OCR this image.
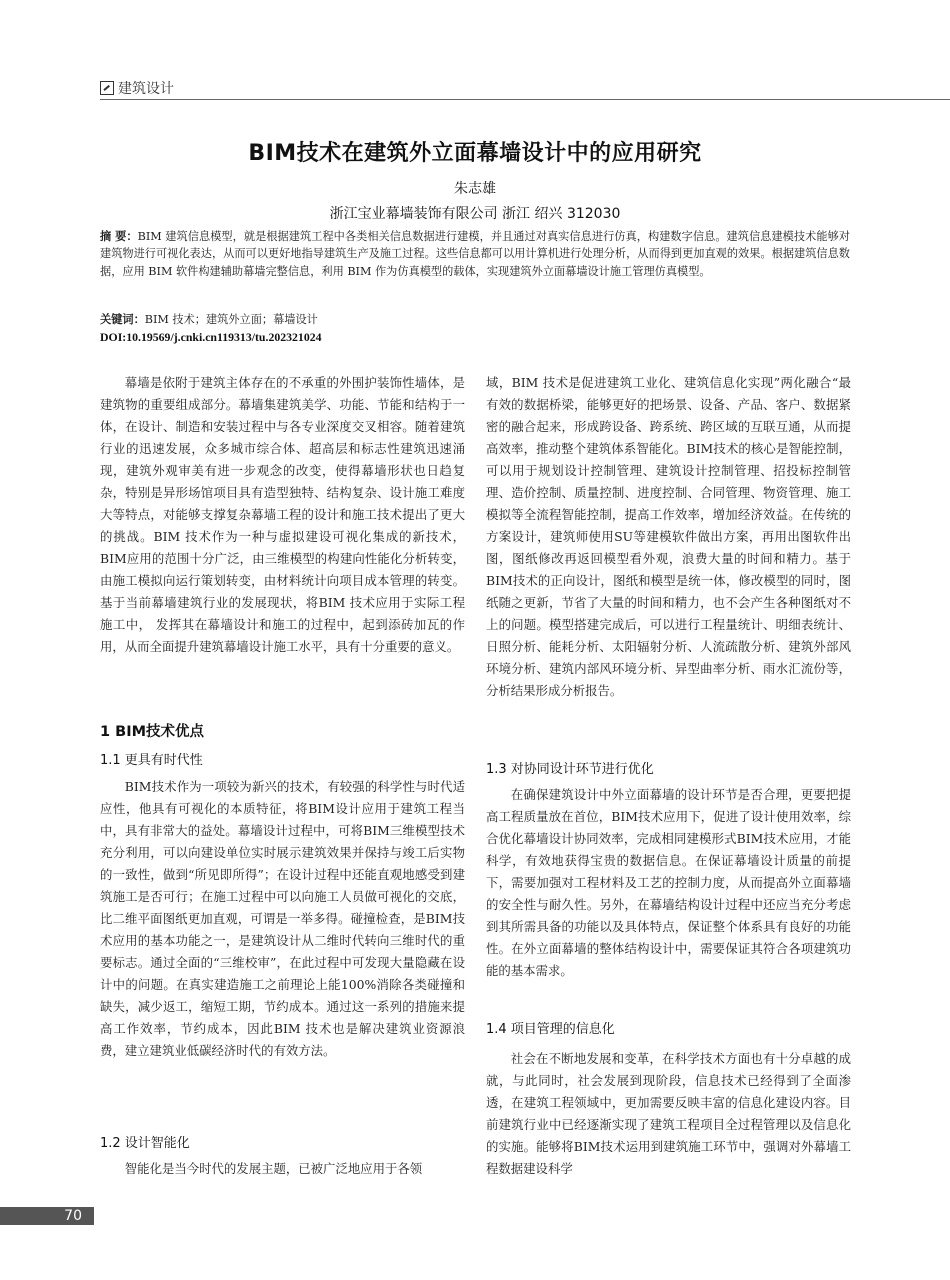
建筑设计
BIM技术在建筑外立面幕墙设计中的应用研究
朱志雄
浙江宝业幕墙装饰有限公司 浙江 绍兴 312030
摘 要：BIM 建筑信息模型，就是根据建筑工程中各类相关信息数据进行建模，并且通过对真实信息进行仿真，构建数字信息。建筑信息建模技术能够对建筑物进行可视化表达，从而可以更好地指导建筑生产及施工过程。这些信息都可以用计算机进行处理分析，从而得到更加直观的效果。根据建筑信息数据，应用 BIM 软件构建辅助幕墙完整信息，利用 BIM 作为仿真模型的载体，实现建筑外立面幕墙设计施工管理仿真模型。
关键词：BIM 技术；建筑外立面；幕墙设计
DOI:10.19569/j.cnki.cn119313/tu.202321024

幕墙是依附于建筑主体存在的不承重的外围护装饰性墙体，是建筑物的重要组成部分。幕墙集建筑美学、功能、节能和结构于一体，在设计、制造和安装过程中与各专业深度交叉相容。随着建筑行业的迅速发展，众多城市综合体、超高层和标志性建筑迅速涌现，建筑外观审美有进一步观念的改变，使得幕墙形状也日趋复杂，特别是异形场馆项目具有造型独特、结构复杂、设计施工难度大等特点，对能够支撑复杂幕墙工程的设计和施工技术提出了更大的挑战。BIM 技术作为一种与虚拟建设可视化集成的新技术，BIM应用的范围十分广泛，由三维模型的构建向性能化分析转变，由施工模拟向运行策划转变，由材料统计向项目成本管理的转变。基于当前幕墙建筑行业的发展现状，将BIM 技术应用于实际工程施工中， 发挥其在幕墙设计和施工的过程中，起到添砖加瓦的作用，从而全面提升建筑幕墙设计施工水平，具有十分重要的意义。

1 BIM技术优点
1.1 更具有时代性

BIM技术作为一项较为新兴的技术，有较强的科学性与时代适应性，他具有可视化的本质特征，将BIM设计应用于建筑工程当中，具有非常大的益处。幕墙设计过程中，可将BIM三维模型技术充分利用，可以向建设单位实时展示建筑效果并保持与竣工后实物的一致性，做到“所见即所得”；在设计过程中还能直观地感受到建筑施工是否可行；在施工过程中可以向施工人员做可视化的交底，比二维平面图纸更加直观，可谓是一举多得。碰撞检查，是BIM技术应用的基本功能之一，是建筑设计从二维时代转向三维时代的重要标志。通过全面的“三维校审”，在此过程中可发现大量隐藏在设计中的问题。在真实建造施工之前理论上能100%消除各类碰撞和缺失，减少返工，缩短工期，节约成本。通过这一系列的措施来提高工作效率，节约成本，因此BIM 技术也是解决建筑业资源浪费，建立建筑业低碳经济时代的有效方法。

1.2 设计智能化

智能化是当今时代的发展主题，已被广泛地应用于各领

域，BIM 技术是促进建筑工业化、建筑信息化实现”两化融合“最有效的数据桥梁，能够更好的把场景、设备、产品、客户、数据紧密的融合起来，形成跨设备、跨系统、跨区域的互联互通，从而提高效率，推动整个建筑体系智能化。BIM技术的核心是智能控制，可以用于规划设计控制管理、建筑设计控制管理、招投标控制管理、造价控制、质量控制、进度控制、合同管理、物资管理、施工模拟等全流程智能控制，提高工作效率，增加经济效益。在传统的方案设计，建筑师使用SU等建模软件做出方案，再用出图软件出图，图纸修改再返回模型看外观，浪费大量的时间和精力。基于BIM技术的正向设计，图纸和模型是统一体，修改模型的同时，图纸随之更新，节省了大量的时间和精力，也不会产生各种图纸对不上的问题。模型搭建完成后，可以进行工程量统计、明细表统计、日照分析、能耗分析、太阳辐射分析、人流疏散分析、建筑外部风环境分析、建筑内部风环境分析、异型曲率分析、雨水汇流份等，分析结果形成分析报告。

1.3 对协同设计环节进行优化

在确保建筑设计中外立面幕墙的设计环节是否合理，更要把提高工程质量放在首位，BIM技术应用下，促进了设计使用效率，综合优化幕墙设计协同效率，完成相同建模形式BIM技术应用，才能科学，有效地获得宝贵的数据信息。在保证幕墙设计质量的前提下，需要加强对工程材料及工艺的控制力度，从而提高外立面幕墙的安全性与耐久性。另外，在幕墙结构设计过程中还应当充分考虑到其所需具备的功能以及具体特点，保证整个体系具有良好的功能性。在外立面幕墙的整体结构设计中，需要保证其符合各项建筑功能的基本需求。

1.4 项目管理的信息化

社会在不断地发展和变革，在科学技术方面也有十分卓越的成就，与此同时，社会发展到现阶段，信息技术已经得到了全面渗透，在建筑工程领域中，更加需要反映丰富的信息化建设内容。目前建筑行业中已经逐渐实现了建筑工程项目全过程管理以及信息化的实施。能够将BIM技术运用到建筑施工环节中，强调对外幕墙工程数据建设科学

70
